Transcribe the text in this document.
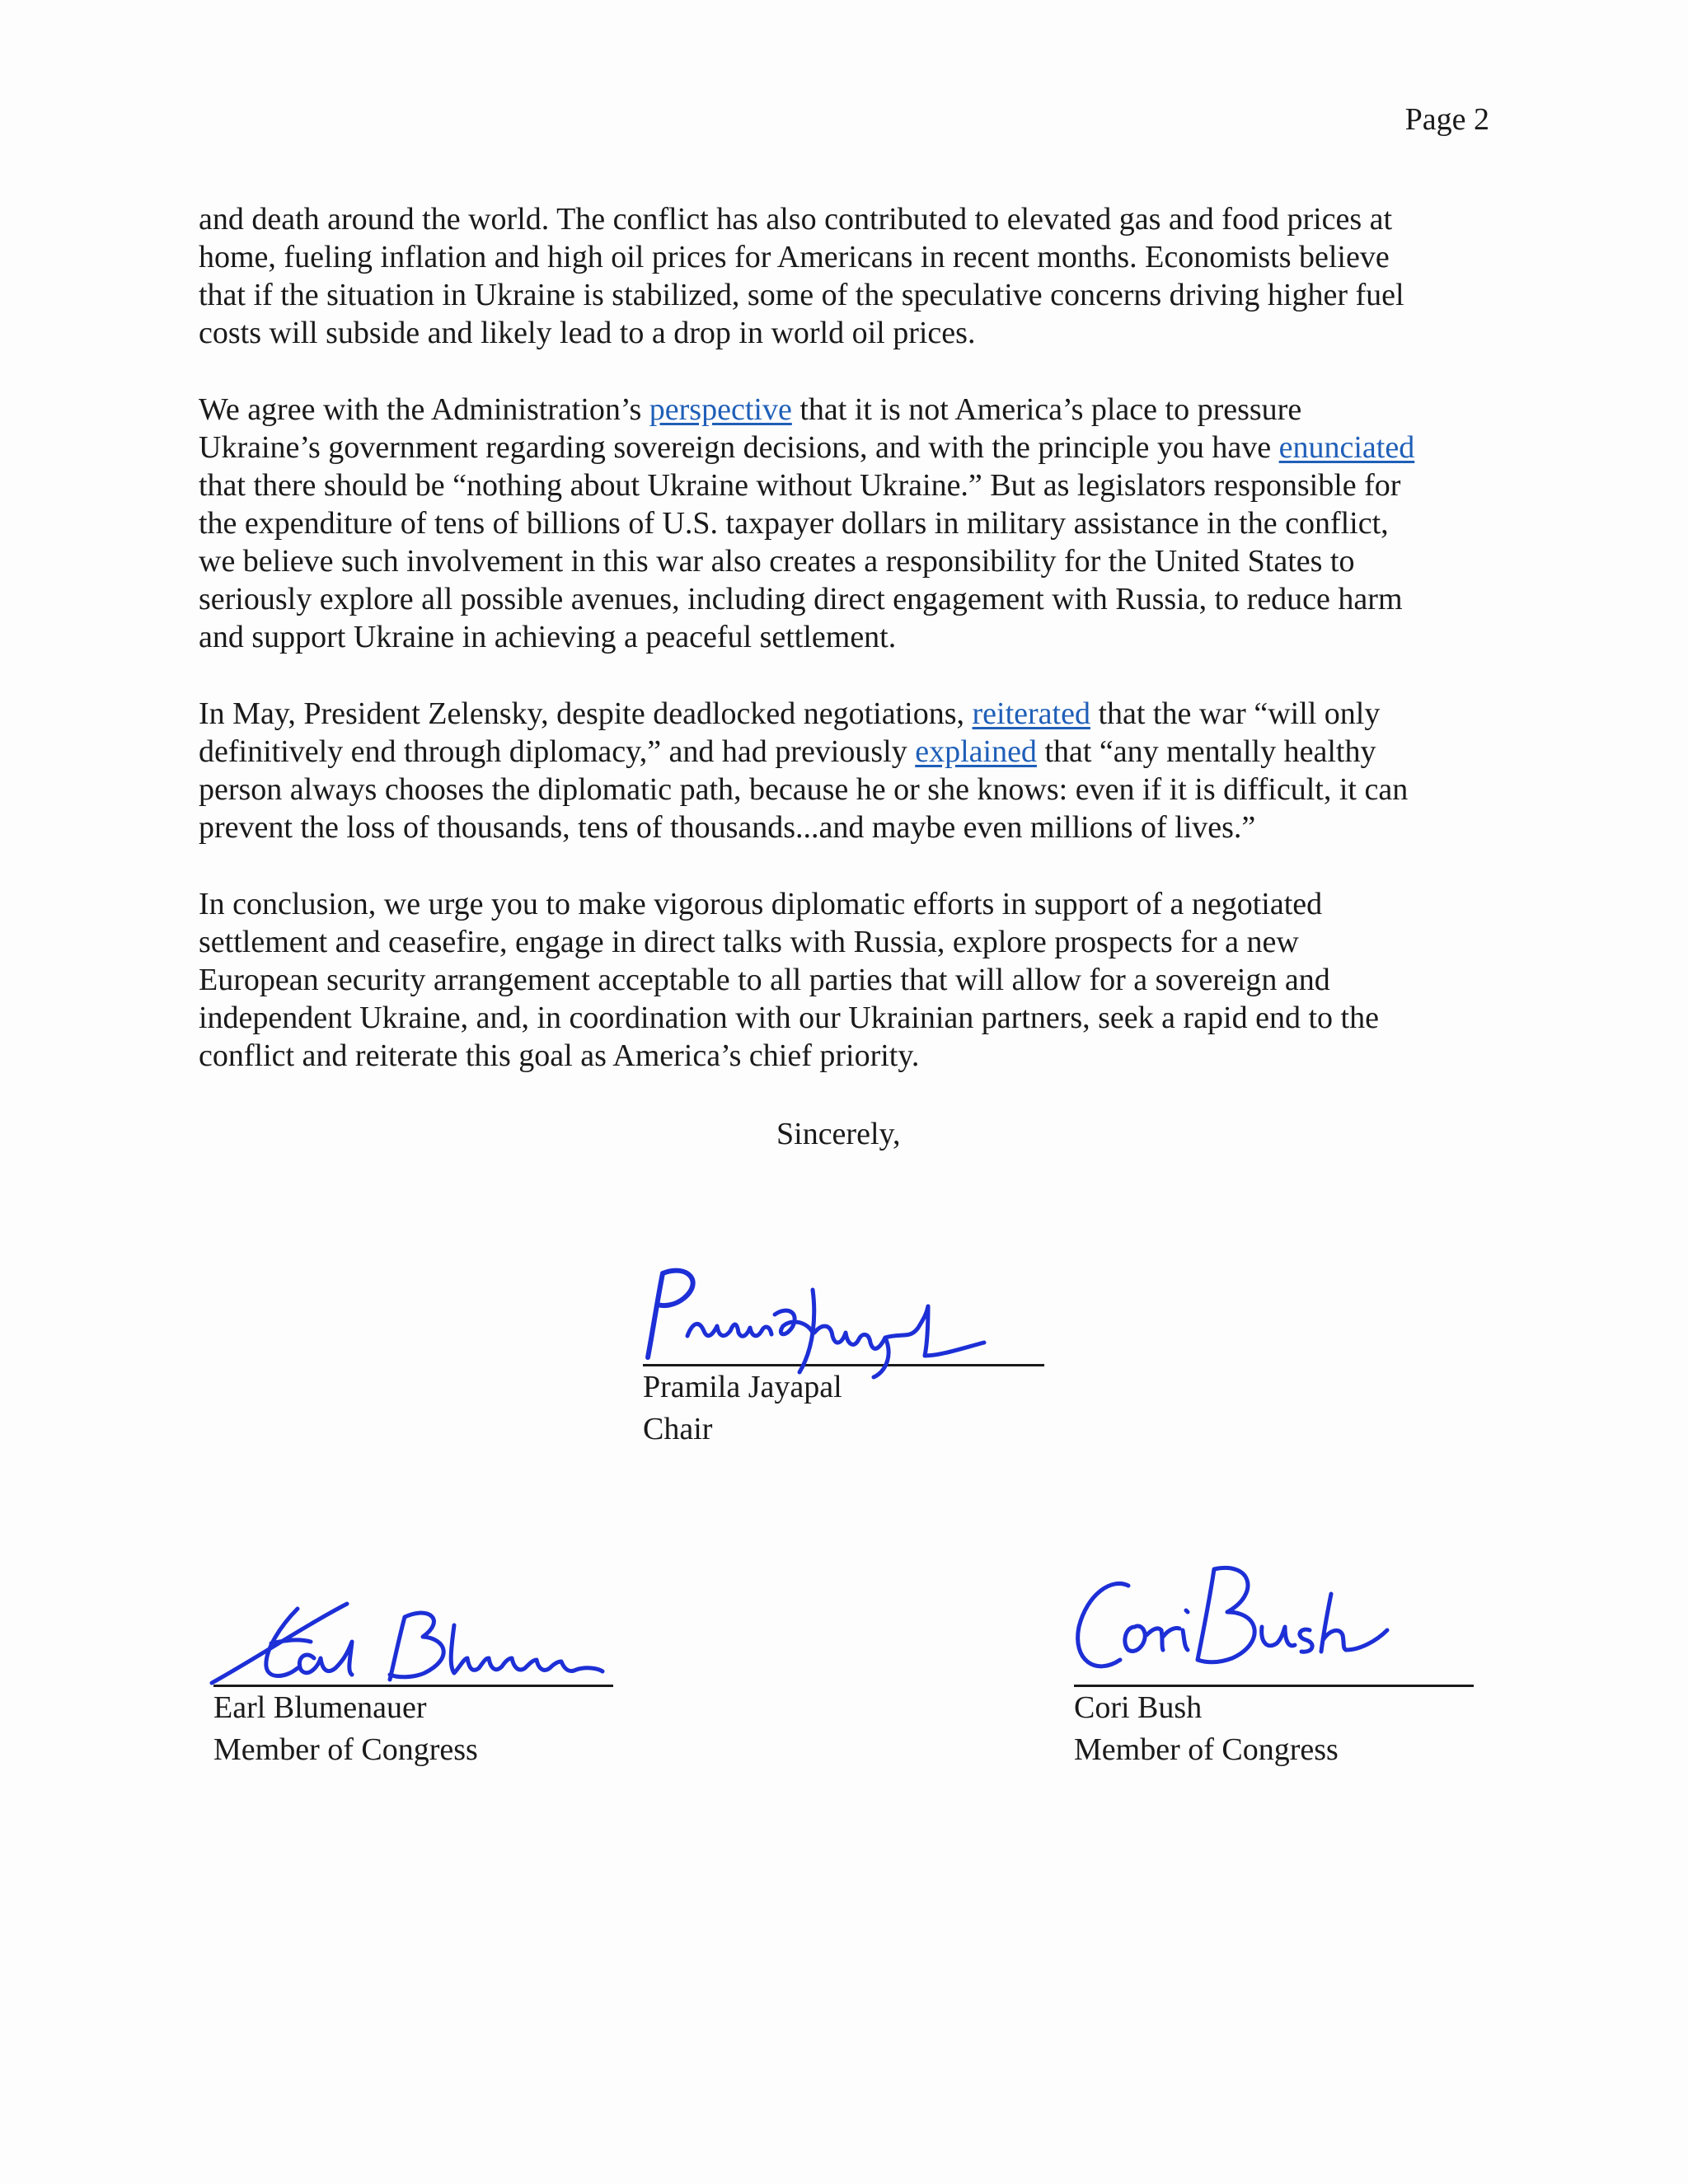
Page 2

and death around the world. The conflict has also contributed to elevated gas and food prices at
home, fueling inflation and high oil prices for Americans in recent months. Economists believe
that if the situation in Ukraine is stabilized, some of the speculative concerns driving higher fuel
costs will subside and likely lead to a drop in world oil prices.

We agree with the Administration’s perspective that it is not America’s place to pressure
Ukraine’s government regarding sovereign decisions, and with the principle you have enunciated
that there should be “nothing about Ukraine without Ukraine.” But as legislators responsible for
the expenditure of tens of billions of U.S. taxpayer dollars in military assistance in the conflict,
we believe such involvement in this war also creates a responsibility for the United States to
seriously explore all possible avenues, including direct engagement with Russia, to reduce harm
and support Ukraine in achieving a peaceful settlement.

In May, President Zelensky, despite deadlocked negotiations, reiterated that the war “will only
definitively end through diplomacy,” and had previously explained that “any mentally healthy
person always chooses the diplomatic path, because he or she knows: even if it is difficult, it can
prevent the loss of thousands, tens of thousands...and maybe even millions of lives.”

In conclusion, we urge you to make vigorous diplomatic efforts in support of a negotiated
settlement and ceasefire, engage in direct talks with Russia, explore prospects for a new
European security arrangement acceptable to all parties that will allow for a sovereign and
independent Ukraine, and, in coordination with our Ukrainian partners, seek a rapid end to the
conflict and reiterate this goal as America’s chief priority.

Sincerely,
Pramila Jayapal
Chair
Earl Blumenauer
Member of Congress
Cori Bush
Member of Congress
